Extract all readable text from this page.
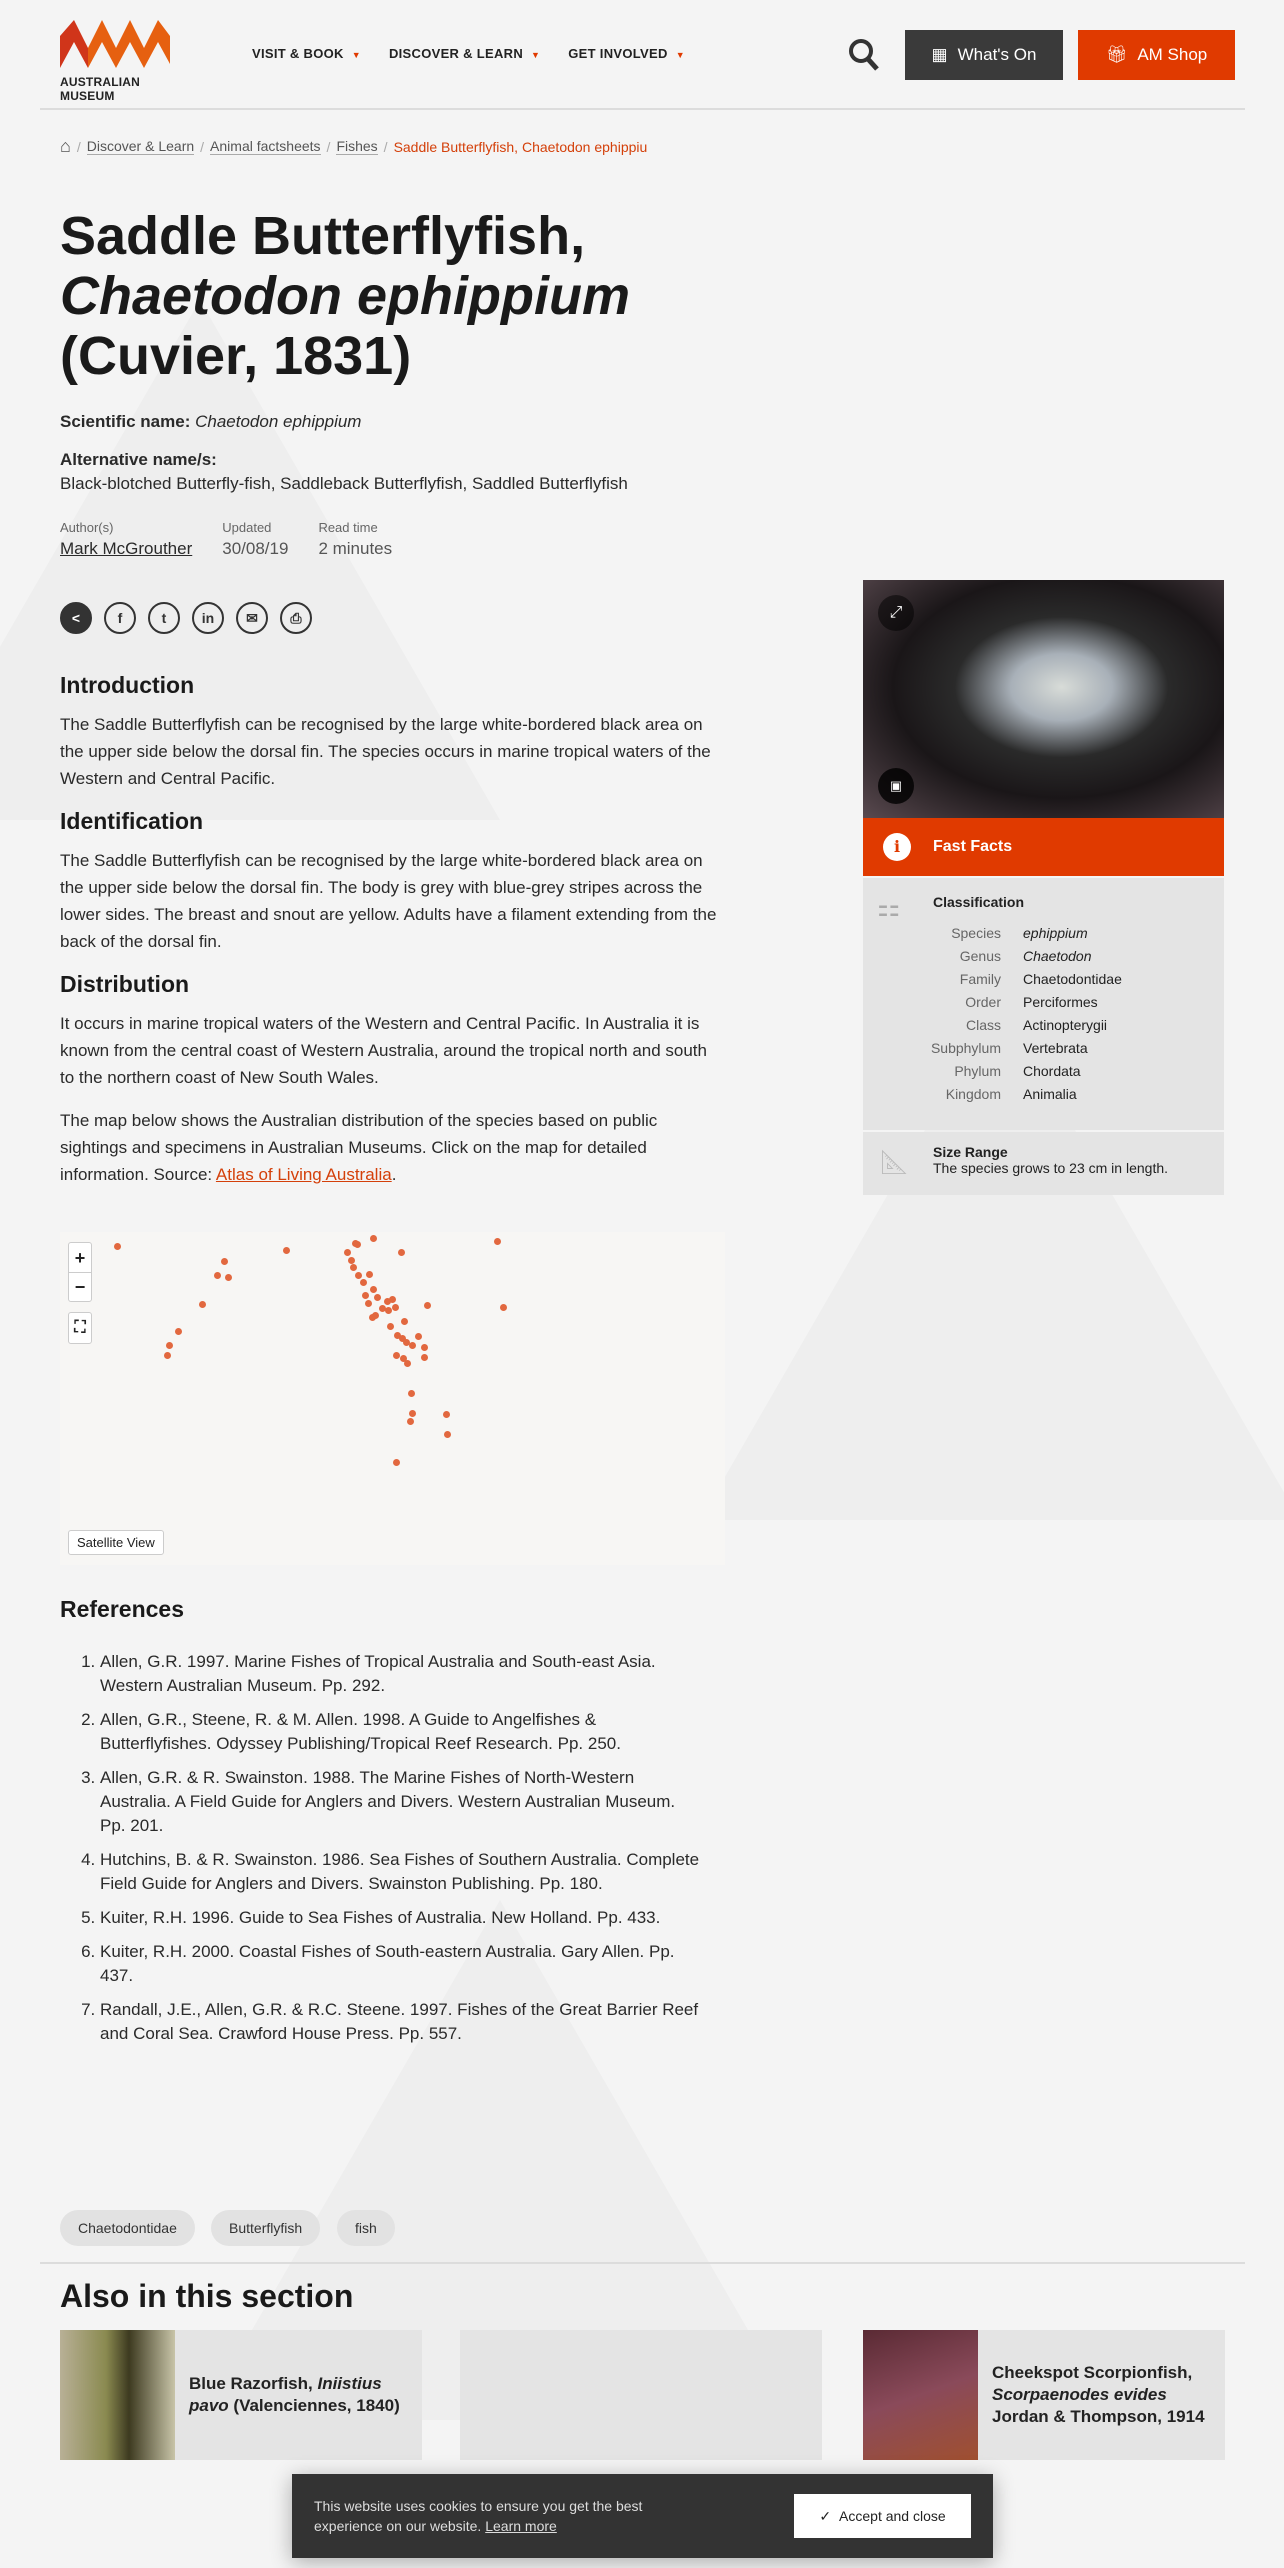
AUSTRALIAN MUSEUM
VISIT & BOOK ▼ DISCOVER & LEARN ▼ GET INVOLVED ▼	▦ What's On	🎁︎ AM Shop
⌂ / Discover & Learn / Animal factsheets / Fishes / Saddle Butterflyfish, Chaetodon ephippiu
Saddle Butterflyfish,
Chaetodon ephippium
(Cuvier, 1831)
Scientific name: Chaetodon ephippium
Alternative name/s:
Black-blotched Butterfly-fish, Saddleback Butterflyfish, Saddled Butterflyfish
Author(s)
Mark McGrouther
Updated
30/08/19
Read time
2 minutes
<	f	t	in	✉	⎙
Introduction

The Saddle Butterflyfish can be recognised by the large white-bordered black area on the upper side below the dorsal fin. The species occurs in marine tropical waters of the Western and Central Pacific.

Identification

The Saddle Butterflyfish can be recognised by the large white-bordered black area on the upper side below the dorsal fin. The body is grey with blue-grey stripes across the lower sides. The breast and snout are yellow. Adults have a filament extending from the back of the dorsal fin.

Distribution

It occurs in marine tropical waters of the Western and Central Pacific. In Australia it is known from the central coast of Western Australia, around the tropical north and south to the northern coast of New South Wales.

The map below shows the Australian distribution of the species based on public sightings and specimens in Australian Museums. Click on the map for detailed information. Source: Atlas of Living Australia.

+
−
⛶
Satellite View
References
1. Allen, G.R. 1997. Marine Fishes of Tropical Australia and South-east Asia. Western Australian Museum. Pp. 292.
2. Allen, G.R., Steene, R. & M. Allen. 1998. A Guide to Angelfishes & Butterflyfishes. Odyssey Publishing/Tropical Reef Research. Pp. 250.
3. Allen, G.R. & R. Swainston. 1988. The Marine Fishes of North-Western Australia. A Field Guide for Anglers and Divers. Western Australian Museum. Pp. 201.
4. Hutchins, B. & R. Swainston. 1986. Sea Fishes of Southern Australia. Complete Field Guide for Anglers and Divers. Swainston Publishing. Pp. 180.
5. Kuiter, R.H. 1996. Guide to Sea Fishes of Australia. New Holland. Pp. 433.
6. Kuiter, R.H. 2000. Coastal Fishes of South-eastern Australia. Gary Allen. Pp. 437.
7. Randall, J.E., Allen, G.R. & R.C. Steene. 1997. Fishes of the Great Barrier Reef and Coral Sea. Crawford House Press. Pp. 557.
Chaetodontidae	Butterflyfish	fish
Also in this section
Blue Razorfish, Iniistius pavo (Valenciennes, 1840)
Cheekspot Scorpionfish, Scorpaenodes evides Jordan & Thompson, 1914
⤢
▣
i	Fast Facts
⚏ Classification
Species	ephippium
Genus	Chaetodon
Family	Chaetodontidae
Order	Perciformes
Class	Actinopterygii
Subphylum	Vertebrata
Phylum	Chordata
Kingdom	Animalia
📐︎ Size Range
The species grows to 23 cm in length.
This website uses cookies to ensure you get the best experience on our website. Learn more
✓ Accept and close
